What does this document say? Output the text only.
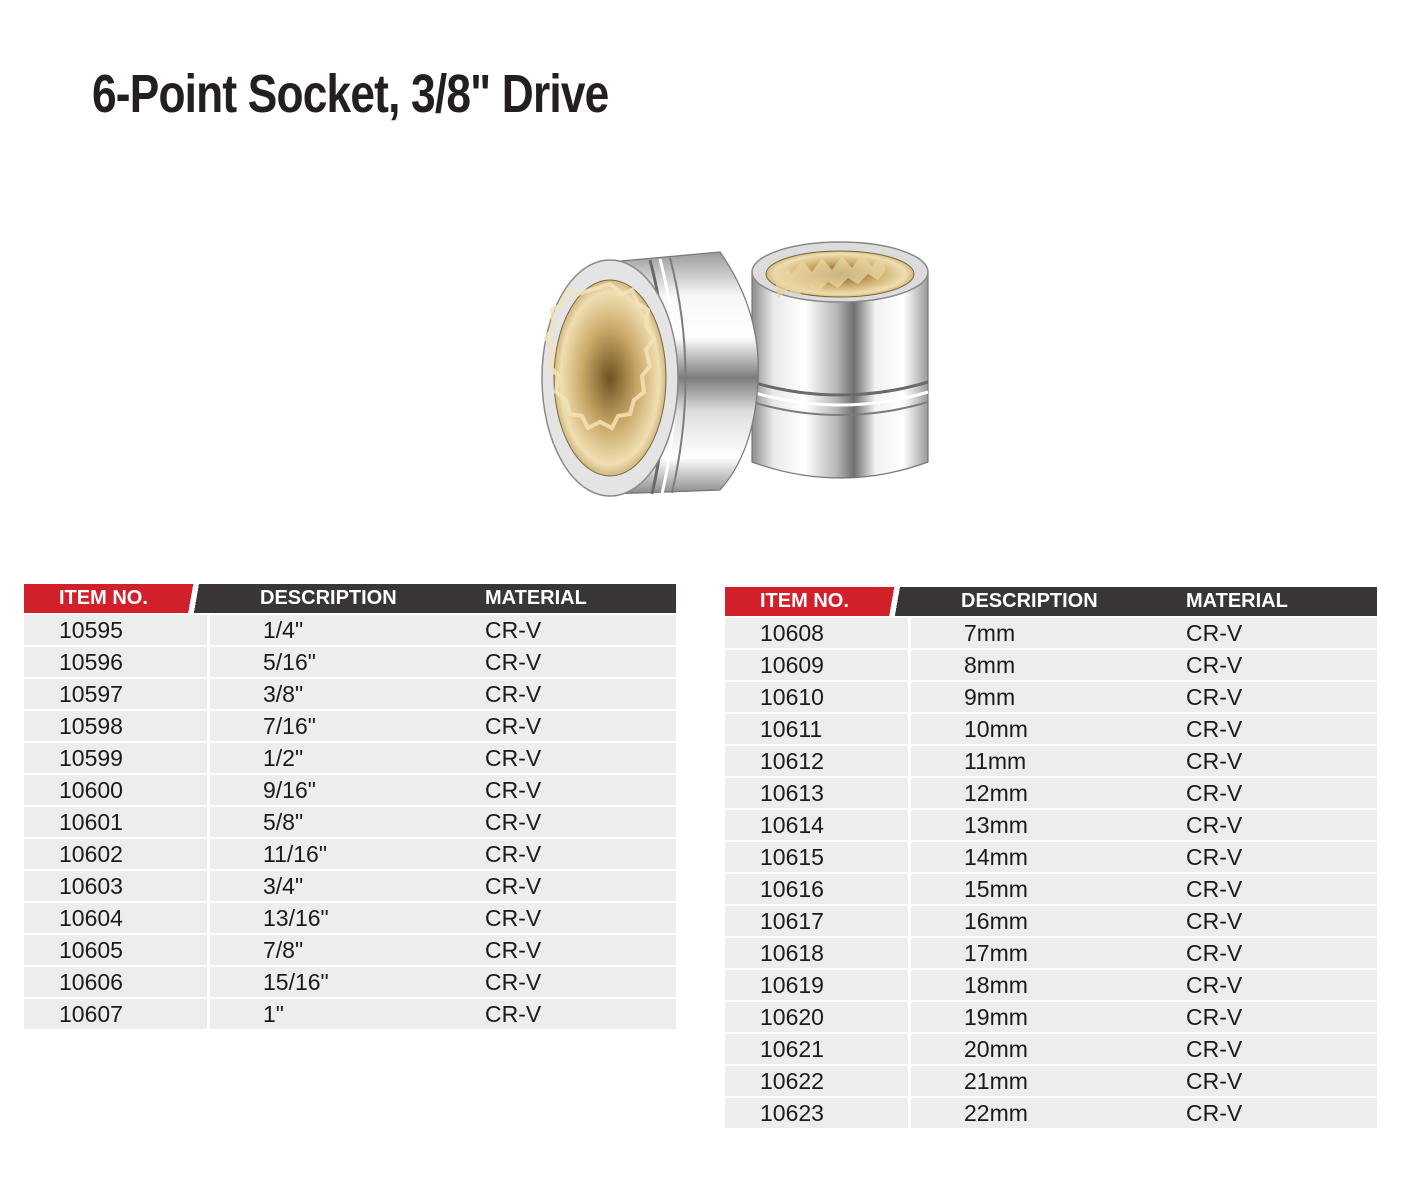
6-Point Socket, 3/8" Drive
ITEM NO.	DESCRIPTION	MATERIAL
10595	1/4"	CR-V
10596	5/16"	CR-V
10597	3/8"	CR-V
10598	7/16"	CR-V
10599	1/2"	CR-V
10600	9/16"	CR-V
10601	5/8"	CR-V
10602	11/16"	CR-V
10603	3/4"	CR-V
10604	13/16"	CR-V
10605	7/8"	CR-V
10606	15/16"	CR-V
10607	1"	CR-V
ITEM NO.	DESCRIPTION	MATERIAL
10608	7mm	CR-V
10609	8mm	CR-V
10610	9mm	CR-V
10611	10mm	CR-V
10612	11mm	CR-V
10613	12mm	CR-V
10614	13mm	CR-V
10615	14mm	CR-V
10616	15mm	CR-V
10617	16mm	CR-V
10618	17mm	CR-V
10619	18mm	CR-V
10620	19mm	CR-V
10621	20mm	CR-V
10622	21mm	CR-V
10623	22mm	CR-V
